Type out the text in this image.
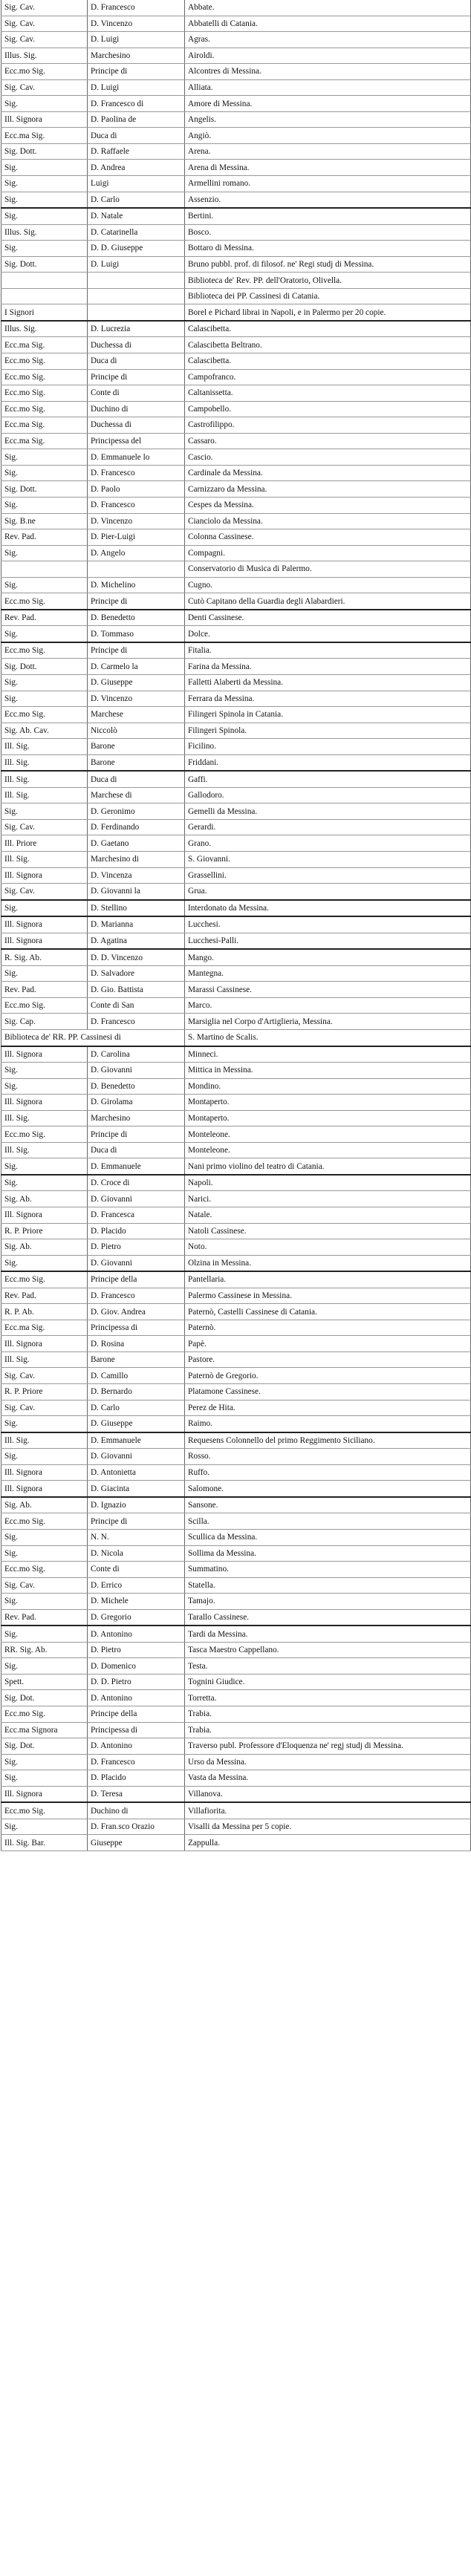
Sig. Cav.	D. Francesco	Abbate.
Sig. Cav.	D. Vincenzo	Abbatelli di Catania.
Sig. Cav.	D. Luigi	Agras.
Illus. Sig.	Marchesino	Airoldi.
Ecc.mo Sig.	Principe di	Alcontres di Messina.
Sig. Cav.	D. Luigi	Alliata.
Sig.	D. Francesco di	Amore di Messina.
Ill. Signora	D. Paolina de	Angelis.
Ecc.ma Sig.	Duca di	Angiò.
Sig. Dott.	D. Raffaele	Arena.
Sig.	D. Andrea	Arena di Messina.
Sig.	Luigi	Armellini romano.
Sig.	D. Carlo	Assenzio.
Sig.	D. Natale	Bertini.
Illus. Sig.	D. Catarinella	Bosco.
Sig.	D. D. Giuseppe	Bottaro di Messina.
Sig. Dott.	D. Luigi	Bruno pubbl. prof. di filosof. ne' Regi studj di Messina.
		Biblioteca de' Rev. PP. dell'Oratorio, Olivella.
		Biblioteca dei PP. Cassinesi di Catania.
I Signori		Borel e Pichard librai in Napoli, e in Palermo per 20 copie.
Illus. Sig.	D. Lucrezia	Calascibetta.
Ecc.ma Sig.	Duchessa di	Calascibetta Beltrano.
Ecc.mo Sig.	Duca di	Calascibetta.
Ecc.mo Sig.	Principe di	Campofranco.
Ecc.mo Sig.	Conte di	Caltanissetta.
Ecc.mo Sig.	Duchino di	Campobello.
Ecc.ma Sig.	Duchessa di	Castrofilippo.
Ecc.ma Sig.	Principessa del	Cassaro.
Sig.	D. Emmanuele lo	Cascio.
Sig.	D. Francesco	Cardinale da Messina.
Sig. Dott.	D. Paolo	Carnizzaro da Messina.
Sig.	D. Francesco	Cespes da Messina.
Sig. B.ne	D. Vincenzo	Cianciolo da Messina.
Rev. Pad.	D. Pier-Luigi	Colonna Cassinese.
Sig.	D. Angelo	Compagni.
		Conservatorio di Musica di Palermo.
Sig.	D. Michelino	Cugno.
Ecc.mo Sig.	Principe di	Cutò Capitano della Guardia degli Alabardieri.
Rev. Pad.	D. Benedetto	Denti Cassinese.
Sig.	D. Tommaso	Dolce.
Ecc.mo Sig.	Principe di	Fitalia.
Sig. Dott.	D. Carmelo la	Farina da Messina.
Sig.	D. Giuseppe	Falletti Alaberti da Messina.
Sig.	D. Vincenzo	Ferrara da Messina.
Ecc.mo Sig.	Marchese	Filingeri Spinola in Catania.
Sig. Ab. Cav.	Niccolò	Filingeri Spinola.
Ill. Sig.	Barone	Ficilino.
Ill. Sig.	Barone	Friddani.
Ill. Sig.	Duca di	Gaffi.
Ill. Sig.	Marchese di	Gallodoro.
Sig.	D. Geronimo	Gemelli da Messina.
Sig. Cav.	D. Ferdinando	Gerardi.
Ill. Priore	D. Gaetano	Grano.
Ill. Sig.	Marchesino di	S. Giovanni.
Ill. Signora	D. Vincenza	Grassellini.
Sig. Cav.	D. Giovanni la	Grua.
Sig.	D. Stellino	Interdonato da Messina.
Ill. Signora	D. Marianna	Lucchesi.
Ill. Signora	D. Agatina	Lucchesi-Palli.
R. Sig. Ab.	D. D. Vincenzo	Mango.
Sig.	D. Salvadore	Mantegna.
Rev. Pad.	D. Gio. Battista	Marassi Cassinese.
Ecc.mo Sig.	Conte di San	Marco.
Sig. Cap.	D. Francesco	Marsiglia nel Corpo d'Artiglieria, Messina.
Biblioteca de' RR. PP. Cassinesi di		S. Martino de Scalis.
Ill. Signora	D. Carolina	Minneci.
Sig.	D. Giovanni	Mittica in Messina.
Sig.	D. Benedetto	Mondino.
Ill. Signora	D. Girolama	Montaperto.
Ill. Sig.	Marchesino	Montaperto.
Ecc.mo Sig.	Principe di	Monteleone.
Ill. Sig.	Duca di	Monteleone.
Sig.	D. Emmanuele	Nani primo violino del teatro di Catania.
Sig.	D. Croce di	Napoli.
Sig. Ab.	D. Giovanni	Narici.
Ill. Signora	D. Francesca	Natale.
R. P. Priore	D. Placido	Natoli Cassinese.
Sig. Ab.	D. Pietro	Noto.
Sig.	D. Giovanni	Olzina in Messina.
Ecc.mo Sig.	Principe della	Pantellaria.
Rev. Pad.	D. Francesco	Palermo Cassinese in Messina.
R. P. Ab.	D. Giov. Andrea	Paternò, Castelli Cassinese di Catania.
Ecc.ma Sig.	Principessa di	Paternò.
Ill. Signora	D. Rosina	Papè.
Ill. Sig.	Barone	Pastore.
Sig. Cav.	D. Camillo	Paternò de Gregorio.
R. P. Priore	D. Bernardo	Platamone Cassinese.
Sig. Cav.	D. Carlo	Perez de Hita.
Sig.	D. Giuseppe	Raimo.
Ill. Sig.	D. Emmanuele	Requesens Colonnello del primo Reggimento Siciliano.
Sig.	D. Giovanni	Rosso.
Ill. Signora	D. Antonietta	Ruffo.
Ill. Signora	D. Giacinta	Salomone.
Sig. Ab.	D. Ignazio	Sansone.
Ecc.mo Sig.	Principe di	Scilla.
Sig.	N. N.	Scullica da Messina.
Sig.	D. Nicola	Sollima da Messina.
Ecc.mo Sig.	Conte di	Summatino.
Sig. Cav.	D. Errico	Statella.
Sig.	D. Michele	Tamajo.
Rev. Pad.	D. Gregorio	Tarallo Cassinese.
Sig.	D. Antonino	Tardi da Messina.
RR. Sig. Ab.	D. Pietro	Tasca Maestro Cappellano.
Sig.	D. Domenico	Testa.
Spett.	D. D. Pietro	Tognini Giudice.
Sig. Dot.	D. Antonino	Torretta.
Ecc.mo Sig.	Principe della	Trabia.
Ecc.ma Signora	Principessa di	Trabia.
Sig. Dot.	D. Antonino	Traverso publ. Professore d'Eloquenza ne' regj studj di Messina.
Sig.	D. Francesco	Urso da Messina.
Sig.	D. Placido	Vasta da Messina.
Ill. Signora	D. Teresa	Villanova.
Ecc.mo Sig.	Duchino di	Villafiorita.
Sig.	D. Fran.sco Orazio	Visalli da Messina per 5 copie.
Ill. Sig. Bar.	Giuseppe	Zappulla.
